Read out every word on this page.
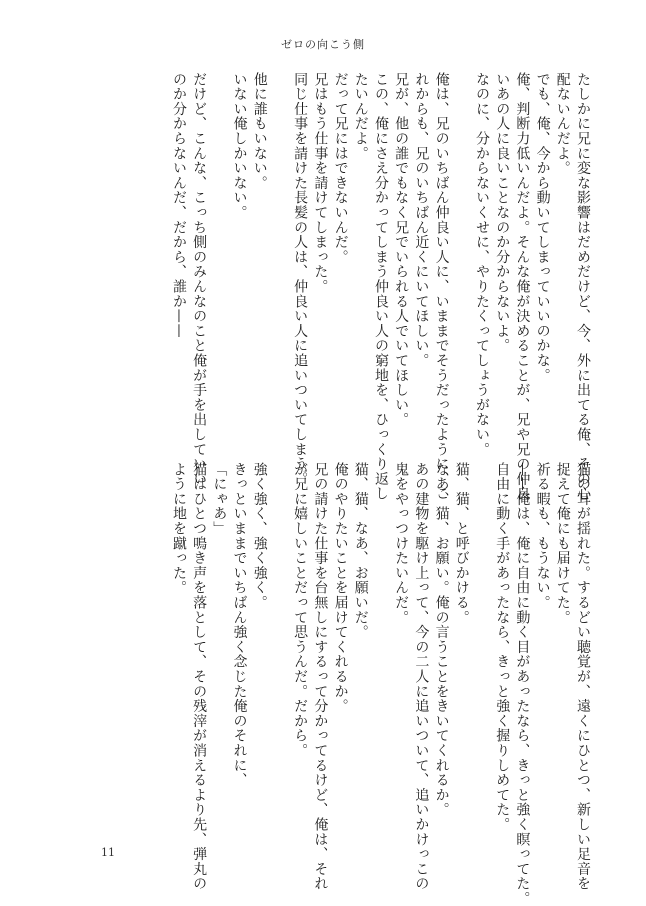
ゼロの向こう側
たしかに兄に変な影響はだめだけど、今、外に出てる俺、その心
配ないんだよ。
でも、俺、今から動いてしまっていいのかな。
俺、判断力低いんだよ。そんな俺が決めることが、兄や兄の仲良
いあの人に良いことなのか分からないよ。
なのに、分からないくせに、やりたくってしょうがない。

俺は、兄のいちばん仲良い人に、いままでそうだったように、こ
れからも、兄のいちばん近くにいてほしい。
兄が、他の誰でもなく兄でいられる人でいてほしい。
この、俺にさえ分かってしまう仲良い人の窮地を、ひっくり返し
たいんだよ。
だって兄にはできないんだ。
兄はもう仕事を請けてしまった。
同じ仕事を請けた長髪の人は、仲良い人に追いついてしまう。

他に誰もいない。
いない俺しかいない。

だけど、こんな、こっち側のみんなのこと俺が手を出していい
のか分からないんだ、だから、誰か——
猫の耳が揺れた。するどい聴覚が、遠くにひとつ、新しい足音を
捉えて俺にも届けてた。
祈る暇も、もうない。
——俺は、俺に自由に動く目があったなら、きっと強く瞑ってた。
自由に動く手があったなら、きっと強く握りしめてた。

猫、猫、と呼びかける。
なあ、猫、お願い。俺の言うことをきいてくれるか。
あの建物を駆け上って、今の二人に追いついて、追いかけっこの
鬼をやっつけたいんだ。

猫、猫、なあ、お願いだ。
俺のやりたいことを届けてくれるか。
兄の請けた仕事を台無しにするって分かってるけど、俺は、それ
が兄に嬉しいことだって思うんだ。だから。

強く強く、強く強く。
きっといままでいちばん強く念じた俺のそれに、
「にゃあ」
猫はひとつ鳴き声を落として、その残滓が消えるより先、弾丸の
ように地を蹴った。
11
